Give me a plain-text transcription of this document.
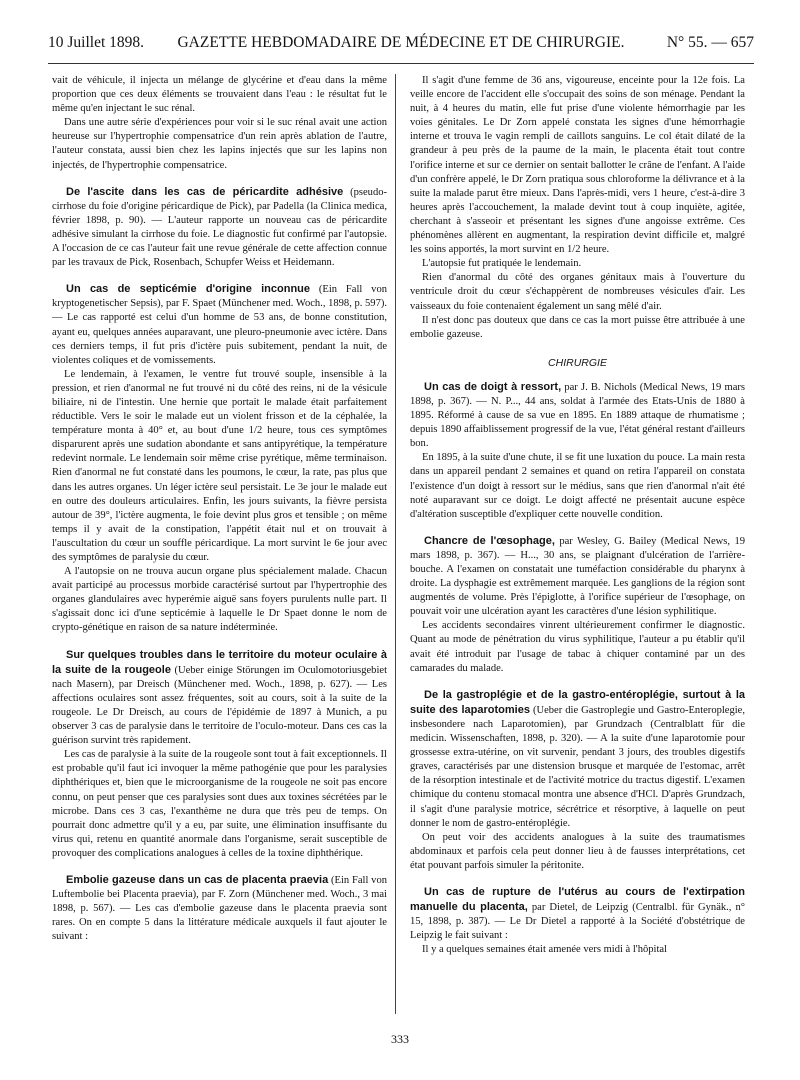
10 Juillet 1898.	GAZETTE HEBDOMADAIRE DE MÉDECINE ET DE CHIRURGIE.	N° 55. — 657

vait de véhicule, il injecta un mélange de glycérine et d'eau dans la même proportion que ces deux éléments se trouvaient dans l'eau : le résultat fut le même qu'en injectant le suc rénal.

Dans une autre série d'expériences pour voir si le suc rénal avait une action heureuse sur l'hypertrophie compensatrice d'un rein après ablation de l'autre, l'auteur constata, aussi bien chez les lapins injectés que sur les lapins non injectés, de l'hypertrophie compensatrice.

De l'ascite dans les cas de péricardite adhésive (pseudo-cirrhose du foie d'origine péricardique de Pick), par Padella (la Clinica medica, février 1898, p. 90). — L'auteur rapporte un nouveau cas de péricardite adhésive simulant la cirrhose du foie. Le diagnostic fut confirmé par l'autopsie. A l'occasion de ce cas l'auteur fait une revue générale de cette affection connue par les travaux de Pick, Rosenbach, Schupfer Weiss et Heidemann.

Un cas de septicémie d'origine inconnue (Ein Fall von kryptogenetischer Sepsis), par F. Spaet (Münchener med. Woch., 1898, p. 597). — Le cas rapporté est celui d'un homme de 53 ans, de bonne constitution, ayant eu, quelques années auparavant, une pleuro-pneumonie avec ictère. Dans ces derniers temps, il fut pris d'ictère puis subitement, pendant la nuit, de violentes coliques et de vomissements.

Le lendemain, à l'examen, le ventre fut trouvé souple, insensible à la pression, et rien d'anormal ne fut trouvé ni du côté des reins, ni de la vésicule biliaire, ni de l'intestin. Une hernie que portait le malade était parfaitement réductible. Vers le soir le malade eut un violent frisson et de la céphalée, la température monta à 40° et, au bout d'une 1/2 heure, tous ces symptômes disparurent après une sudation abondante et sans antipyrétique, la température redevint normale. Le lendemain soir même crise pyrétique, même terminaison. Rien d'anormal ne fut constaté dans les poumons, le cœur, la rate, pas plus que dans les autres organes. Un léger ictère seul persistait. Le 3e jour le malade eut en outre des douleurs articulaires. Enfin, les jours suivants, la fièvre persista autour de 39°, l'ictère augmenta, le foie devint plus gros et tensible ; on même temps il y avait de la constipation, l'appétit était nul et on trouvait à l'auscultation du cœur un souffle péricardique. La mort survint le 6e jour avec des symptômes de paralysie du cœur.

A l'autopsie on ne trouva aucun organe plus spécialement malade. Chacun avait participé au processus morbide caractérisé surtout par l'hypertrophie des organes glandulaires avec hyperémie aiguë sans foyers purulents nulle part. Il s'agissait donc ici d'une septicémie à laquelle le Dr Spaet donne le nom de crypto-génétique en raison de sa nature indéterminée.

Sur quelques troubles dans le territoire du moteur oculaire à la suite de la rougeole (Ueber einige Störungen im Oculomotoriusgebiet nach Masern), par Dreisch (Münchener med. Woch., 1898, p. 627). — Les affections oculaires sont assez fréquentes, soit au cours, soit à la suite de la rougeole. Le Dr Dreisch, au cours de l'épidémie de 1897 à Munich, a pu observer 3 cas de paralysie dans le territoire de l'oculo-moteur. Dans ces cas la guérison survint très rapidement.

Les cas de paralysie à la suite de la rougeole sont tout à fait exceptionnels. Il est probable qu'il faut ici invoquer la même pathogénie que pour les paralysies diphthériques et, bien que le microorganisme de la rougeole ne soit pas encore connu, on peut penser que ces paralysies sont dues aux toxines sécrétées par le microbe. Dans ces 3 cas, l'exanthème ne dura que très peu de temps. On pourrait donc admettre qu'il y a eu, par suite, une élimination insuffisante du virus qui, retenu en quantité anormale dans l'organisme, serait susceptible de provoquer des complications analogues à celles de la toxine diphthérique.

Embolie gazeuse dans un cas de placenta praevia (Ein Fall von Luftembolie bei Placenta praevia), par F. Zorn (Münchener med. Woch., 3 mai 1898, p. 567). — Les cas d'embolie gazeuse dans le placenta praevia sont rares. On en compte 5 dans la littérature médicale auxquels il faut ajouter le suivant :

Il s'agit d'une femme de 36 ans, vigoureuse, enceinte pour la 12e fois. La veille encore de l'accident elle s'occupait des soins de son ménage. Pendant la nuit, à 4 heures du matin, elle fut prise d'une violente hémorrhagie par les voies génitales. Le Dr Zorn appelé constata les signes d'une hémorrhagie interne et trouva le vagin rempli de caillots sanguins. Le col était dilaté de la grandeur à peu près de la paume de la main, le placenta était tout contre l'orifice interne et sur ce dernier on sentait ballotter le crâne de l'enfant. A l'aide d'un confrère appelé, le Dr Zorn pratiqua sous chloroforme la délivrance et à la suite la malade parut être mieux. Dans l'après-midi, vers 1 heure, c'est-à-dire 3 heures après l'accouchement, la malade devint tout à coup inquiète, agitée, cherchant à s'asseoir et présentant les signes d'une angoisse extrême. Ces phénomènes allèrent en augmentant, la respiration devint difficile et, malgré les soins apportés, la mort survint en 1/2 heure.

L'autopsie fut pratiquée le lendemain.

Rien d'anormal du côté des organes génitaux mais à l'ouverture du ventricule droit du cœur s'échappèrent de nombreuses vésicules d'air. Les vaisseaux du foie contenaient également un sang mêlé d'air.

Il n'est donc pas douteux que dans ce cas la mort puisse être attribuée à une embolie gazeuse.

CHIRURGIE

Un cas de doigt à ressort, par J. B. Nichols (Medical News, 19 mars 1898, p. 367). — N. P..., 44 ans, soldat à l'armée des Etats-Unis de 1880 à 1895. Réformé à cause de sa vue en 1895. En 1889 attaque de rhumatisme ; depuis 1890 affaiblissement progressif de la vue, l'état général restant d'ailleurs bon.

En 1895, à la suite d'une chute, il se fit une luxation du pouce. La main resta dans un appareil pendant 2 semaines et quand on retira l'appareil on constata l'existence d'un doigt à ressort sur le médius, sans que rien d'anormal n'ait été noté auparavant sur ce doigt. Le doigt affecté ne présentait aucune espèce d'altération susceptible d'expliquer cette nouvelle condition.

Chancre de l'œsophage, par Wesley, G. Bailey (Medical News, 19 mars 1898, p. 367). — H..., 30 ans, se plaignant d'ulcération de l'arrière-bouche. A l'examen on constatait une tuméfaction considérable du pharynx à droite. La dysphagie est extrêmement marquée. Les ganglions de la région sont augmentés de volume. Près l'épiglotte, à l'orifice supérieur de l'œsophage, on pouvait voir une ulcération ayant les caractères d'une lésion syphilitique.

Les accidents secondaires vinrent ultérieurement confirmer le diagnostic. Quant au mode de pénétration du virus syphilitique, l'auteur a pu établir qu'il avait été introduit par l'usage de tabac à chiquer contaminé par un des camarades du malade.

De la gastroplégie et de la gastro-entéroplégie, surtout à la suite des laparotomies (Ueber die Gastroplegie und Gastro-Enteroplegie, insbesondere nach Laparotomien), par Grundzach (Centralblatt für die medicin. Wissenschaften, 1898, p. 320). — A la suite d'une laparotomie pour grossesse extra-utérine, on vit survenir, pendant 3 jours, des troubles digestifs graves, caractérisés par une distension brusque et marquée de l'estomac, arrêt de la résorption intestinale et de l'activité motrice du tractus digestif. L'examen chimique du contenu stomacal montra une absence d'HCl. D'après Grundzach, il s'agit d'une paralysie motrice, sécrétrice et résorptive, à laquelle on peut donner le nom de gastro-entéroplégie.

On peut voir des accidents analogues à la suite des traumatismes abdominaux et parfois cela peut donner lieu à de fausses interprétations, cet état pouvant parfois simuler la péritonite.

Un cas de rupture de l'utérus au cours de l'extirpation manuelle du placenta, par Dietel, de Leipzig (Centralbl. für Gynäk., n° 15, 1898, p. 387). — Le Dr Dietel a rapporté à la Société d'obstétrique de Leipzig le fait suivant :

Il y a quelques semaines était amenée vers midi à l'hôpital

333
